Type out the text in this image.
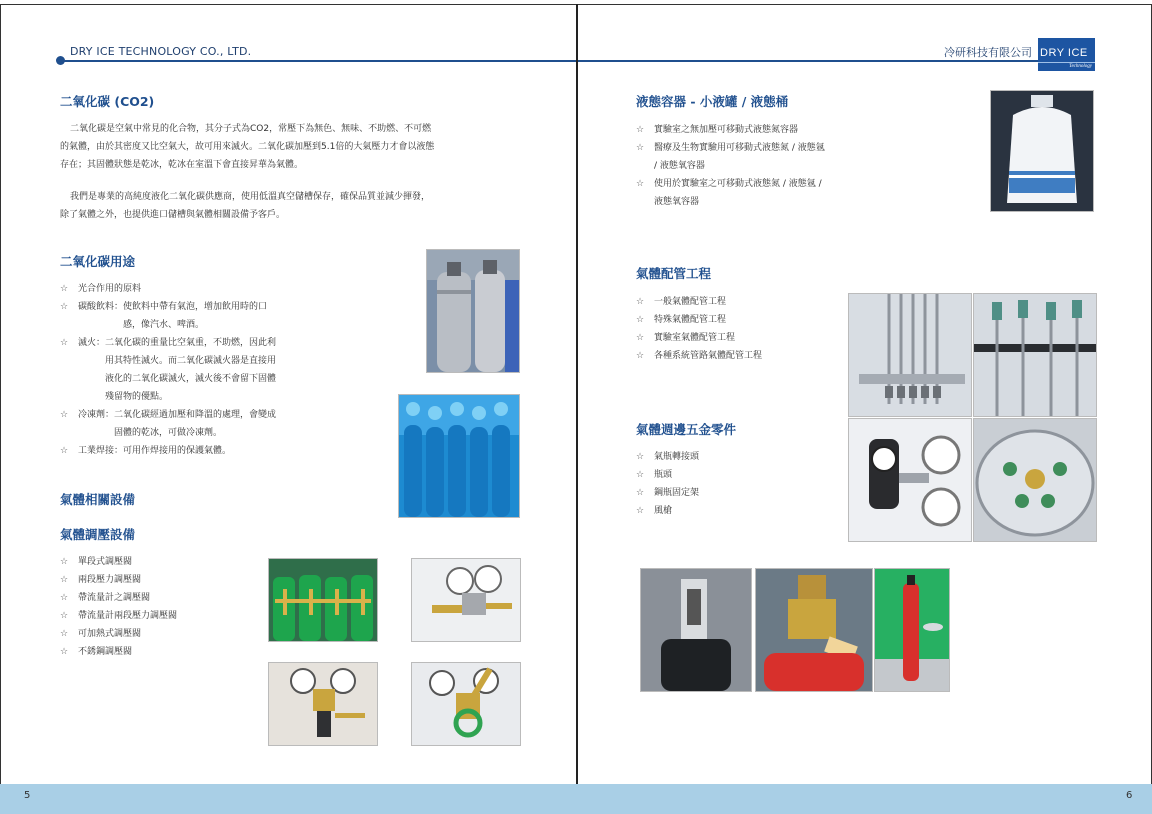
DRY ICE TECHNOLOGY CO., LTD.	冷研科技有限公司 DRY ICE
Technology
二氧化碳 (CO2)

二氧化碳是空氣中常見的化合物，其分子式為CO2，常壓下為無色、無味、不助燃、不可燃

的氣體，由於其密度又比空氣大，故可用來滅火。二氧化碳加壓到5.1倍的大氣壓力才會以液態

存在；其固體狀態是乾冰，乾冰在室溫下會直接昇華為氣體。

我們是專業的高純度液化二氧化碳供應商，使用低溫真空儲槽保存，確保品質並減少揮發，

除了氣體之外，也提供進口儲槽與氣體相關設備予客戶。

二氧化碳用途
☆ 光合作用的原料
☆ 碳酸飲料：使飲料中帶有氣泡，增加飲用時的口
　　　　　感，像汽水、啤酒。
☆ 滅火：二氧化碳的重量比空氣重，不助燃，因此利
　　　用其特性滅火。而二氧化碳滅火器是直接用
　　　液化的二氧化碳滅火，滅火後不會留下固體
　　　殘留物的優點。
☆ 冷凍劑：二氧化碳經過加壓和降溫的處理，會變成
　　　　固體的乾冰，可做冷凍劑。
☆ 工業焊接：可用作焊接用的保護氣體。
氣體相關設備
氣體調壓設備
☆ 單段式調壓閥
☆ 兩段壓力調壓閥
☆ 帶流量計之調壓閥
☆ 帶流量計兩段壓力調壓閥
☆ 可加熱式調壓閥
☆ 不銹鋼調壓閥
液態容器 - 小液罐 / 液態桶
☆ 實驗室之無加壓可移動式液態氮容器
☆ 醫療及生物實驗用可移動式液態氮 / 液態氬
/ 液態氧容器
☆ 使用於實驗室之可移動式液態氮 / 液態氬 /
液態氧容器
氣體配管工程
☆ 一般氣體配管工程
☆ 特殊氣體配管工程
☆ 實驗室氣體配管工程
☆ 各種系統管路氣體配管工程
氣體週邊五金零件
☆ 氣瓶轉接頭
☆ 瓶頭
☆ 鋼瓶固定架
☆ 風槍
5	6
